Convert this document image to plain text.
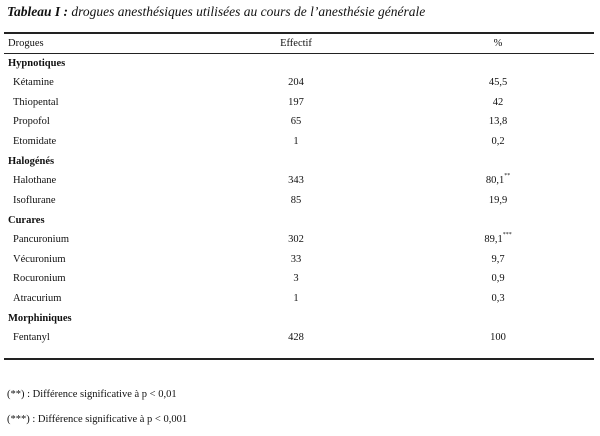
Tableau I : drogues anesthésiques utilisées au cours de l’anesthésie générale
Drogues	Effectif	%
Hypnotiques
Kétamine	204	45,5
Thiopental	197	42
Propofol	65	13,8
Etomidate	1	0,2
Halogénés
Halothane	343	80,1**
Isoflurane	85	19,9
Curares
Pancuronium	302	89,1***
Vécuronium	33	9,7
Rocuronium	3	0,9
Atracurium	1	0,3
Morphiniques
Fentanyl	428	100
(**) : Différence significative à p < 0,01
(***) : Différence significative à p < 0,001
